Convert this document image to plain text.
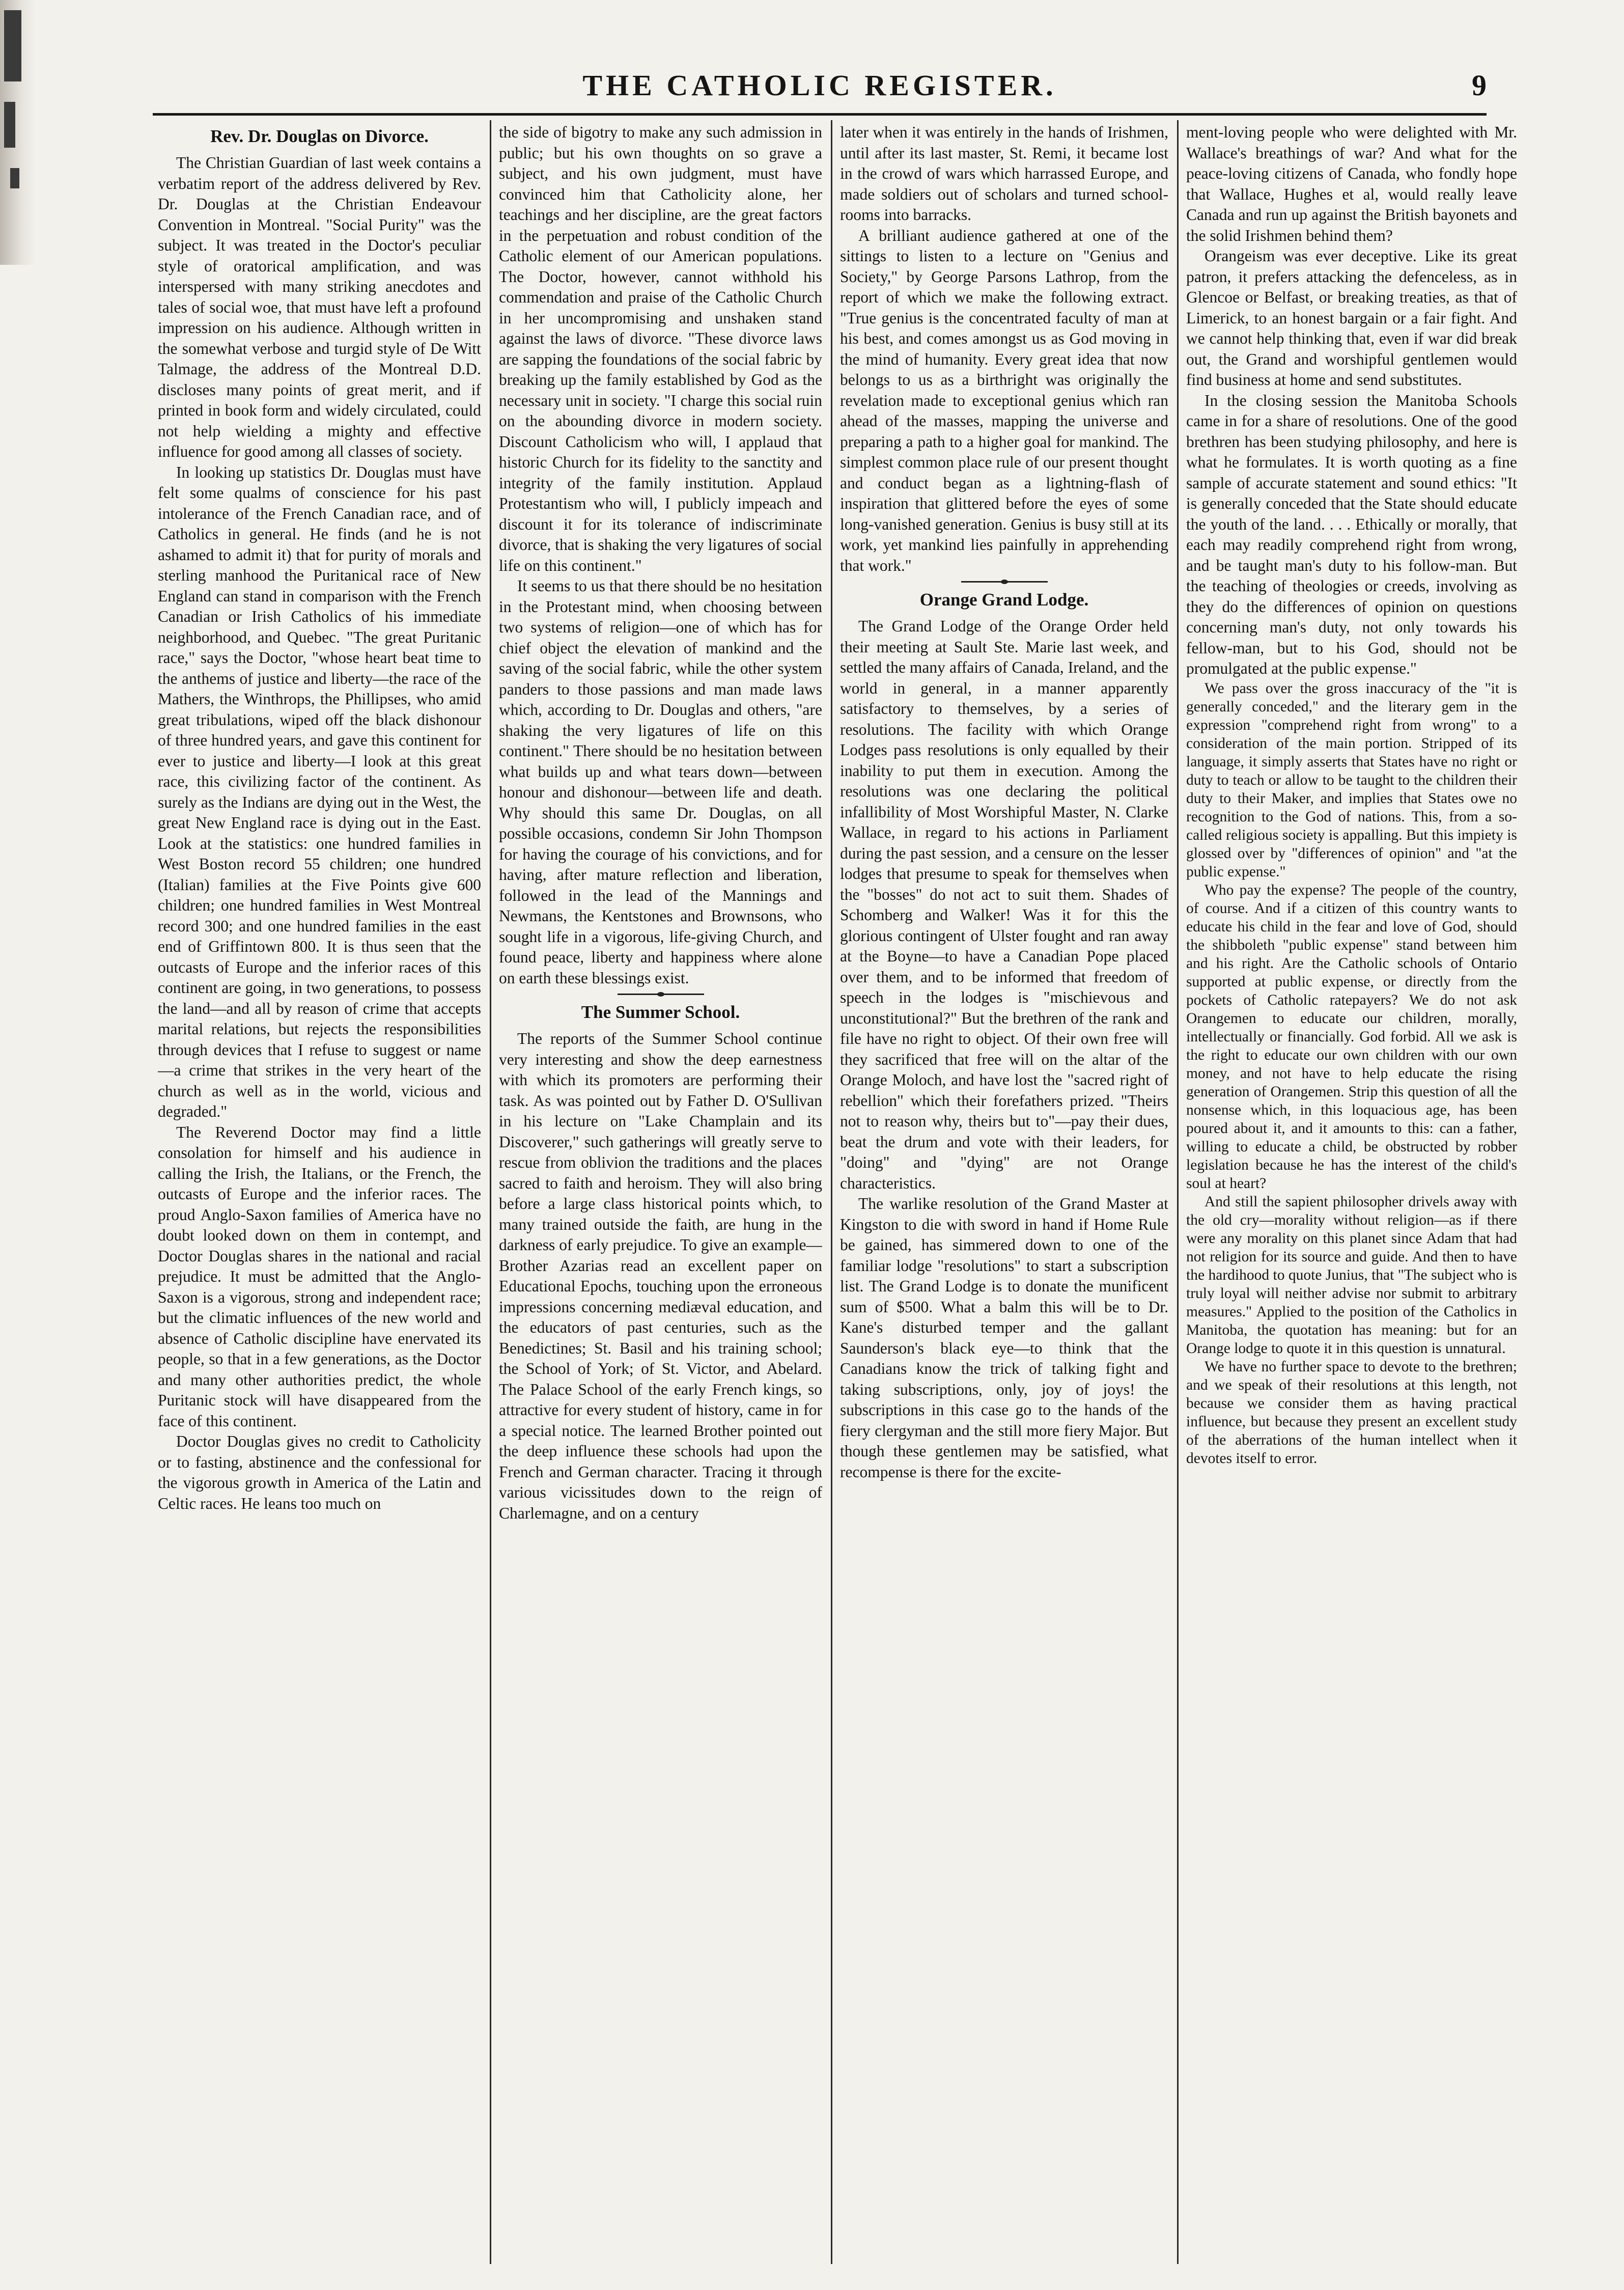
THE CATHOLIC REGISTER.	9
Rev. Dr. Douglas on Divorce.

The Christian Guardian of last week contains a verbatim report of the address delivered by Rev. Dr. Douglas at the Christian Endeavour Convention in Montreal. "Social Purity" was the subject. It was treated in the Doctor's peculiar style of oratorical amplification, and was interspersed with many striking anecdotes and tales of social woe, that must have left a profound impression on his audience. Although written in the somewhat verbose and turgid style of De Witt Talmage, the address of the Montreal D.D. discloses many points of great merit, and if printed in book form and widely circulated, could not help wielding a mighty and effective influence for good among all classes of society.

In looking up statistics Dr. Douglas must have felt some qualms of conscience for his past intolerance of the French Canadian race, and of Catholics in general. He finds (and he is not ashamed to admit it) that for purity of morals and sterling manhood the Puritanical race of New England can stand in comparison with the French Canadian or Irish Catholics of his immediate neighborhood, and Quebec. "The great Puritanic race," says the Doctor, "whose heart beat time to the anthems of justice and liberty—the race of the Mathers, the Winthrops, the Phillipses, who amid great tribulations, wiped off the black dishonour of three hundred years, and gave this continent for ever to justice and liberty—I look at this great race, this civilizing factor of the continent. As surely as the Indians are dying out in the West, the great New England race is dying out in the East. Look at the statistics: one hundred families in West Boston record 55 children; one hundred (Italian) families at the Five Points give 600 children; one hundred families in West Montreal record 300; and one hundred families in the east end of Griffintown 800. It is thus seen that the outcasts of Europe and the inferior races of this continent are going, in two generations, to possess the land—and all by reason of crime that accepts marital relations, but rejects the responsibilities through devices that I refuse to suggest or name—a crime that strikes in the very heart of the church as well as in the world, vicious and degraded."

The Reverend Doctor may find a little consolation for himself and his audience in calling the Irish, the Italians, or the French, the outcasts of Europe and the inferior races. The proud Anglo-Saxon families of America have no doubt looked down on them in contempt, and Doctor Douglas shares in the national and racial prejudice. It must be admitted that the Anglo-Saxon is a vigorous, strong and independent race; but the climatic influences of the new world and absence of Catholic discipline have enervated its people, so that in a few generations, as the Doctor and many other authorities predict, the whole Puritanic stock will have disappeared from the face of this continent.

Doctor Douglas gives no credit to Catholicity or to fasting, abstinence and the confessional for the vigorous growth in America of the Latin and Celtic races. He leans too much on

the side of bigotry to make any such admission in public; but his own thoughts on so grave a subject, and his own judgment, must have convinced him that Catholicity alone, her teachings and her discipline, are the great factors in the perpetuation and robust condition of the Catholic element of our American populations. The Doctor, however, cannot withhold his commendation and praise of the Catholic Church in her uncompromising and unshaken stand against the laws of divorce. "These divorce laws are sapping the foundations of the social fabric by breaking up the family established by God as the necessary unit in society. "I charge this social ruin on the abounding divorce in modern society. Discount Catholicism who will, I applaud that historic Church for its fidelity to the sanctity and integrity of the family institution. Applaud Protestantism who will, I publicly impeach and discount it for its tolerance of indiscriminate divorce, that is shaking the very ligatures of social life on this continent."

It seems to us that there should be no hesitation in the Protestant mind, when choosing between two systems of religion—one of which has for chief object the elevation of mankind and the saving of the social fabric, while the other system panders to those passions and man made laws which, according to Dr. Douglas and others, "are shaking the very ligatures of life on this continent." There should be no hesitation between what builds up and what tears down—between honour and dishonour—between life and death. Why should this same Dr. Douglas, on all possible occasions, condemn Sir John Thompson for having the courage of his convictions, and for having, after mature reflection and liberation, followed in the lead of the Mannings and Newmans, the Kentstones and Brownsons, who sought life in a vigorous, life-giving Church, and found peace, liberty and happiness where alone on earth these blessings exist.

The Summer School.

The reports of the Summer School continue very interesting and show the deep earnestness with which its promoters are performing their task. As was pointed out by Father D. O'Sullivan in his lecture on "Lake Champlain and its Discoverer," such gatherings will greatly serve to rescue from oblivion the traditions and the places sacred to faith and heroism. They will also bring before a large class historical points which, to many trained outside the faith, are hung in the darkness of early prejudice. To give an example—Brother Azarias read an excellent paper on Educational Epochs, touching upon the erroneous impressions concerning mediæval education, and the educators of past centuries, such as the Benedictines; St. Basil and his training school; the School of York; of St. Victor, and Abelard. The Palace School of the early French kings, so attractive for every student of history, came in for a special notice. The learned Brother pointed out the deep influence these schools had upon the French and German character. Tracing it through various vicissitudes down to the reign of Charlemagne, and on a century

later when it was entirely in the hands of Irishmen, until after its last master, St. Remi, it became lost in the crowd of wars which harrassed Europe, and made soldiers out of scholars and turned school-rooms into barracks.

A brilliant audience gathered at one of the sittings to listen to a lecture on "Genius and Society," by George Parsons Lathrop, from the report of which we make the following extract. "True genius is the concentrated faculty of man at his best, and comes amongst us as God moving in the mind of humanity. Every great idea that now belongs to us as a birthright was originally the revelation made to exceptional genius which ran ahead of the masses, mapping the universe and preparing a path to a higher goal for mankind. The simplest common place rule of our present thought and conduct began as a lightning-flash of inspiration that glittered before the eyes of some long-vanished generation. Genius is busy still at its work, yet mankind lies painfully in apprehending that work."

Orange Grand Lodge.

The Grand Lodge of the Orange Order held their meeting at Sault Ste. Marie last week, and settled the many affairs of Canada, Ireland, and the world in general, in a manner apparently satisfactory to themselves, by a series of resolutions. The facility with which Orange Lodges pass resolutions is only equalled by their inability to put them in execution. Among the resolutions was one declaring the political infallibility of Most Worshipful Master, N. Clarke Wallace, in regard to his actions in Parliament during the past session, and a censure on the lesser lodges that presume to speak for themselves when the "bosses" do not act to suit them. Shades of Schomberg and Walker! Was it for this the glorious contingent of Ulster fought and ran away at the Boyne—to have a Canadian Pope placed over them, and to be informed that freedom of speech in the lodges is "mischievous and unconstitutional?" But the brethren of the rank and file have no right to object. Of their own free will they sacrificed that free will on the altar of the Orange Moloch, and have lost the "sacred right of rebellion" which their forefathers prized. "Theirs not to reason why, theirs but to"—pay their dues, beat the drum and vote with their leaders, for "doing" and "dying" are not Orange characteristics.

The warlike resolution of the Grand Master at Kingston to die with sword in hand if Home Rule be gained, has simmered down to one of the familiar lodge "resolutions" to start a subscription list. The Grand Lodge is to donate the munificent sum of $500. What a balm this will be to Dr. Kane's disturbed temper and the gallant Saunderson's black eye—to think that the Canadians know the trick of talking fight and taking subscriptions, only, joy of joys! the subscriptions in this case go to the hands of the fiery clergyman and the still more fiery Major. But though these gentlemen may be satisfied, what recompense is there for the excite-

ment-loving people who were delighted with Mr. Wallace's breathings of war? And what for the peace-loving citizens of Canada, who fondly hope that Wallace, Hughes et al, would really leave Canada and run up against the British bayonets and the solid Irishmen behind them?

Orangeism was ever deceptive. Like its great patron, it prefers attacking the defenceless, as in Glencoe or Belfast, or breaking treaties, as that of Limerick, to an honest bargain or a fair fight. And we cannot help thinking that, even if war did break out, the Grand and worshipful gentlemen would find business at home and send substitutes.

In the closing session the Manitoba Schools came in for a share of resolutions. One of the good brethren has been studying philosophy, and here is what he formulates. It is worth quoting as a fine sample of accurate statement and sound ethics: "It is generally conceded that the State should educate the youth of the land. . . . Ethically or morally, that each may readily comprehend right from wrong, and be taught man's duty to his follow-man. But the teaching of theologies or creeds, involving as they do the differences of opinion on questions concerning man's duty, not only towards his fellow-man, but to his God, should not be promulgated at the public expense."

We pass over the gross inaccuracy of the "it is generally conceded," and the literary gem in the expression "comprehend right from wrong" to a consideration of the main portion. Stripped of its language, it simply asserts that States have no right or duty to teach or allow to be taught to the children their duty to their Maker, and implies that States owe no recognition to the God of nations. This, from a so-called religious society is appalling. But this impiety is glossed over by "differences of opinion" and "at the public expense."

Who pay the expense? The people of the country, of course. And if a citizen of this country wants to educate his child in the fear and love of God, should the shibboleth "public expense" stand between him and his right. Are the Catholic schools of Ontario supported at public expense, or directly from the pockets of Catholic ratepayers? We do not ask Orangemen to educate our children, morally, intellectually or financially. God forbid. All we ask is the right to educate our own children with our own money, and not have to help educate the rising generation of Orangemen. Strip this question of all the nonsense which, in this loquacious age, has been poured about it, and it amounts to this: can a father, willing to educate a child, be obstructed by robber legislation because he has the interest of the child's soul at heart?

And still the sapient philosopher drivels away with the old cry—morality without religion—as if there were any morality on this planet since Adam that had not religion for its source and guide. And then to have the hardihood to quote Junius, that "The subject who is truly loyal will neither advise nor submit to arbitrary measures." Applied to the position of the Catholics in Manitoba, the quotation has meaning: but for an Orange lodge to quote it in this question is unnatural.

We have no further space to devote to the brethren; and we speak of their resolutions at this length, not because we consider them as having practical influence, but because they present an excellent study of the aberrations of the human intellect when it devotes itself to error.
